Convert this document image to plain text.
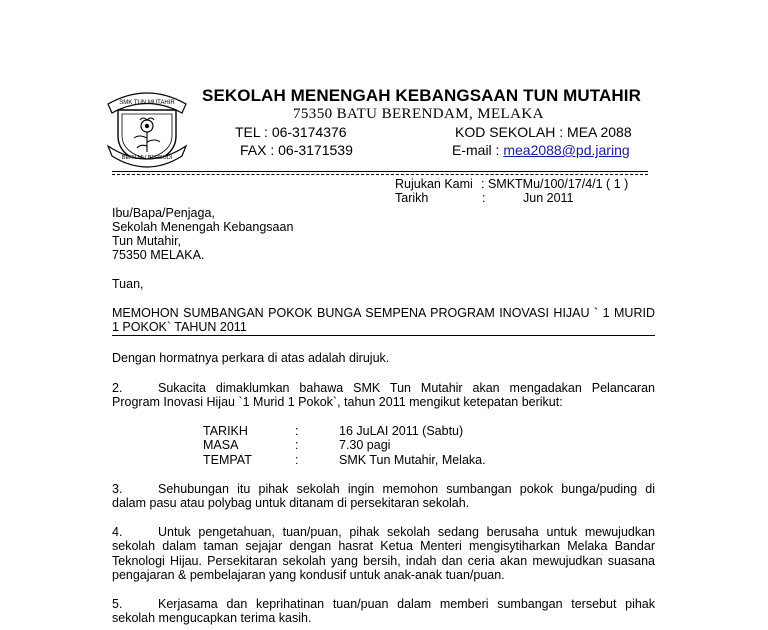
SMK TUN MUTAHIR
BERILMU BERBUDI
SEKOLAH MENENGAH KEBANGSAAN TUN MUTAHIR
75350 BATU BERENDAM, MELAKA
TEL : 06-3174376	KOD SEKOLAH : MEA 2088
FAX : 06-3171539	E-mail : mea2088@pd.jaring
Rujukan Kami : SMKTMu/100/17/4/1 ( 1 )
Tarikh	:	Jun 2011
Ibu/Bapa/Penjaga,
Sekolah Menengah Kebangsaan
Tun Mutahir,
75350 MELAKA.
Tuan,
MEMOHON SUMBANGAN POKOK BUNGA SEMPENA PROGRAM INOVASI HIJAU ` 1 MURID
1 POKOK` TAHUN 2011
Dengan hormatnya perkara di atas adalah dirujuk.
2.	Sukacita dimaklumkan bahawa SMK Tun Mutahir akan mengadakan Pelancaran
Program Inovasi Hijau `1 Murid 1 Pokok`, tahun 2011 mengikut ketepatan berikut:
TARIKH	:	16 JuLAI 2011 (Sabtu)
MASA	:	7.30 pagi
TEMPAT	:	SMK Tun Mutahir, Melaka.
3.	Sehubungan itu pihak sekolah ingin memohon sumbangan pokok bunga/puding di
dalam pasu atau polybag untuk ditanam di persekitaran sekolah.
4.	Untuk pengetahuan, tuan/puan, pihak sekolah sedang berusaha untuk mewujudkan
sekolah dalam taman sejajar dengan hasrat Ketua Menteri mengisytiharkan Melaka Bandar
Teknologi Hijau. Persekitaran sekolah yang bersih, indah dan ceria akan mewujudkan suasana
pengajaran & pembelajaran yang kondusif untuk anak-anak tuan/puan.
5.	Kerjasama dan keprihatinan tuan/puan dalam memberi sumbangan tersebut pihak
sekolah mengucapkan terima kasih.
